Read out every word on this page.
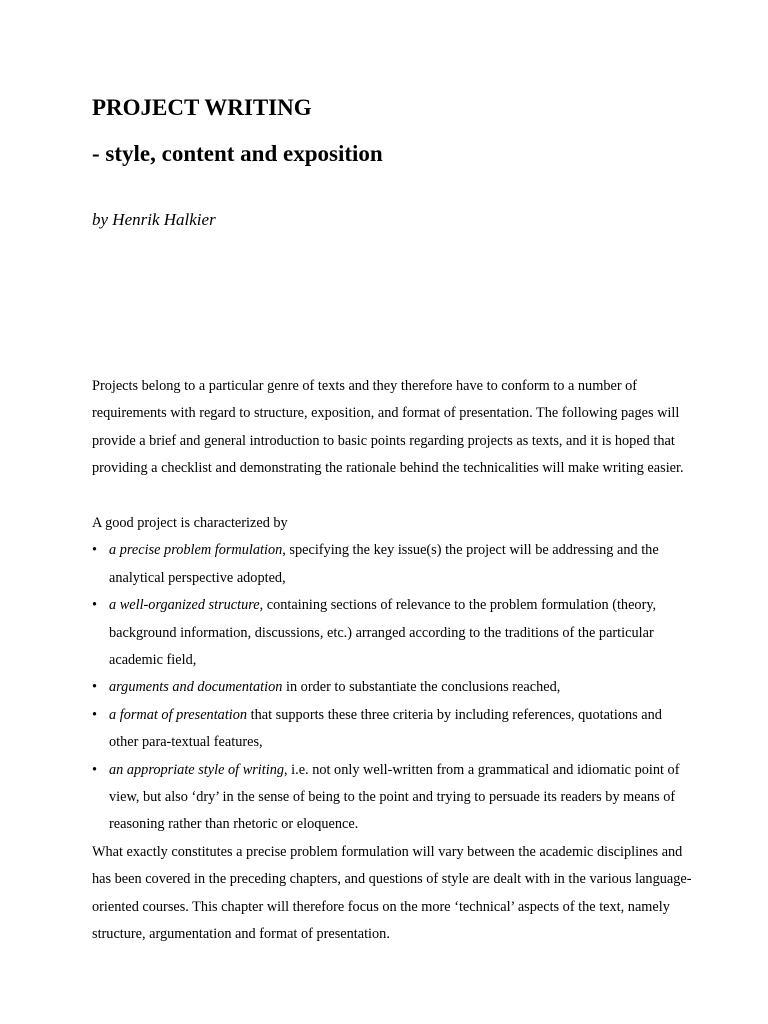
PROJECT WRITING
- style, content and exposition
by Henrik Halkier

Projects belong to a particular genre of texts and they therefore have to conform to a number of requirements with regard to structure, exposition, and format of presentation. The following pages will provide a brief and general introduction to basic points regarding projects as texts, and it is hoped that providing a checklist and demonstrating the rationale behind the technicalities will make writing easier.

A good project is characterized by

• a precise problem formulation, specifying the key issue(s) the project will be addressing and the analytical perspective adopted,
• a well-organized structure, containing sections of relevance to the problem formulation (theory, background information, discussions, etc.) arranged according to the traditions of the particular academic field,
• arguments and documentation in order to substantiate the conclusions reached,
• a format of presentation that supports these three criteria by including references, quotations and other para-textual features,
• an appropriate style of writing, i.e. not only well-written from a grammatical and idiomatic point of view, but also ‘dry’ in the sense of being to the point and trying to persuade its readers by means of reasoning rather than rhetoric or eloquence.

What exactly constitutes a precise problem formulation will vary between the academic disciplines and has been covered in the preceding chapters, and questions of style are dealt with in the various language-oriented courses. This chapter will therefore focus on the more ‘technical’ aspects of the text, namely structure, argumentation and format of presentation.
